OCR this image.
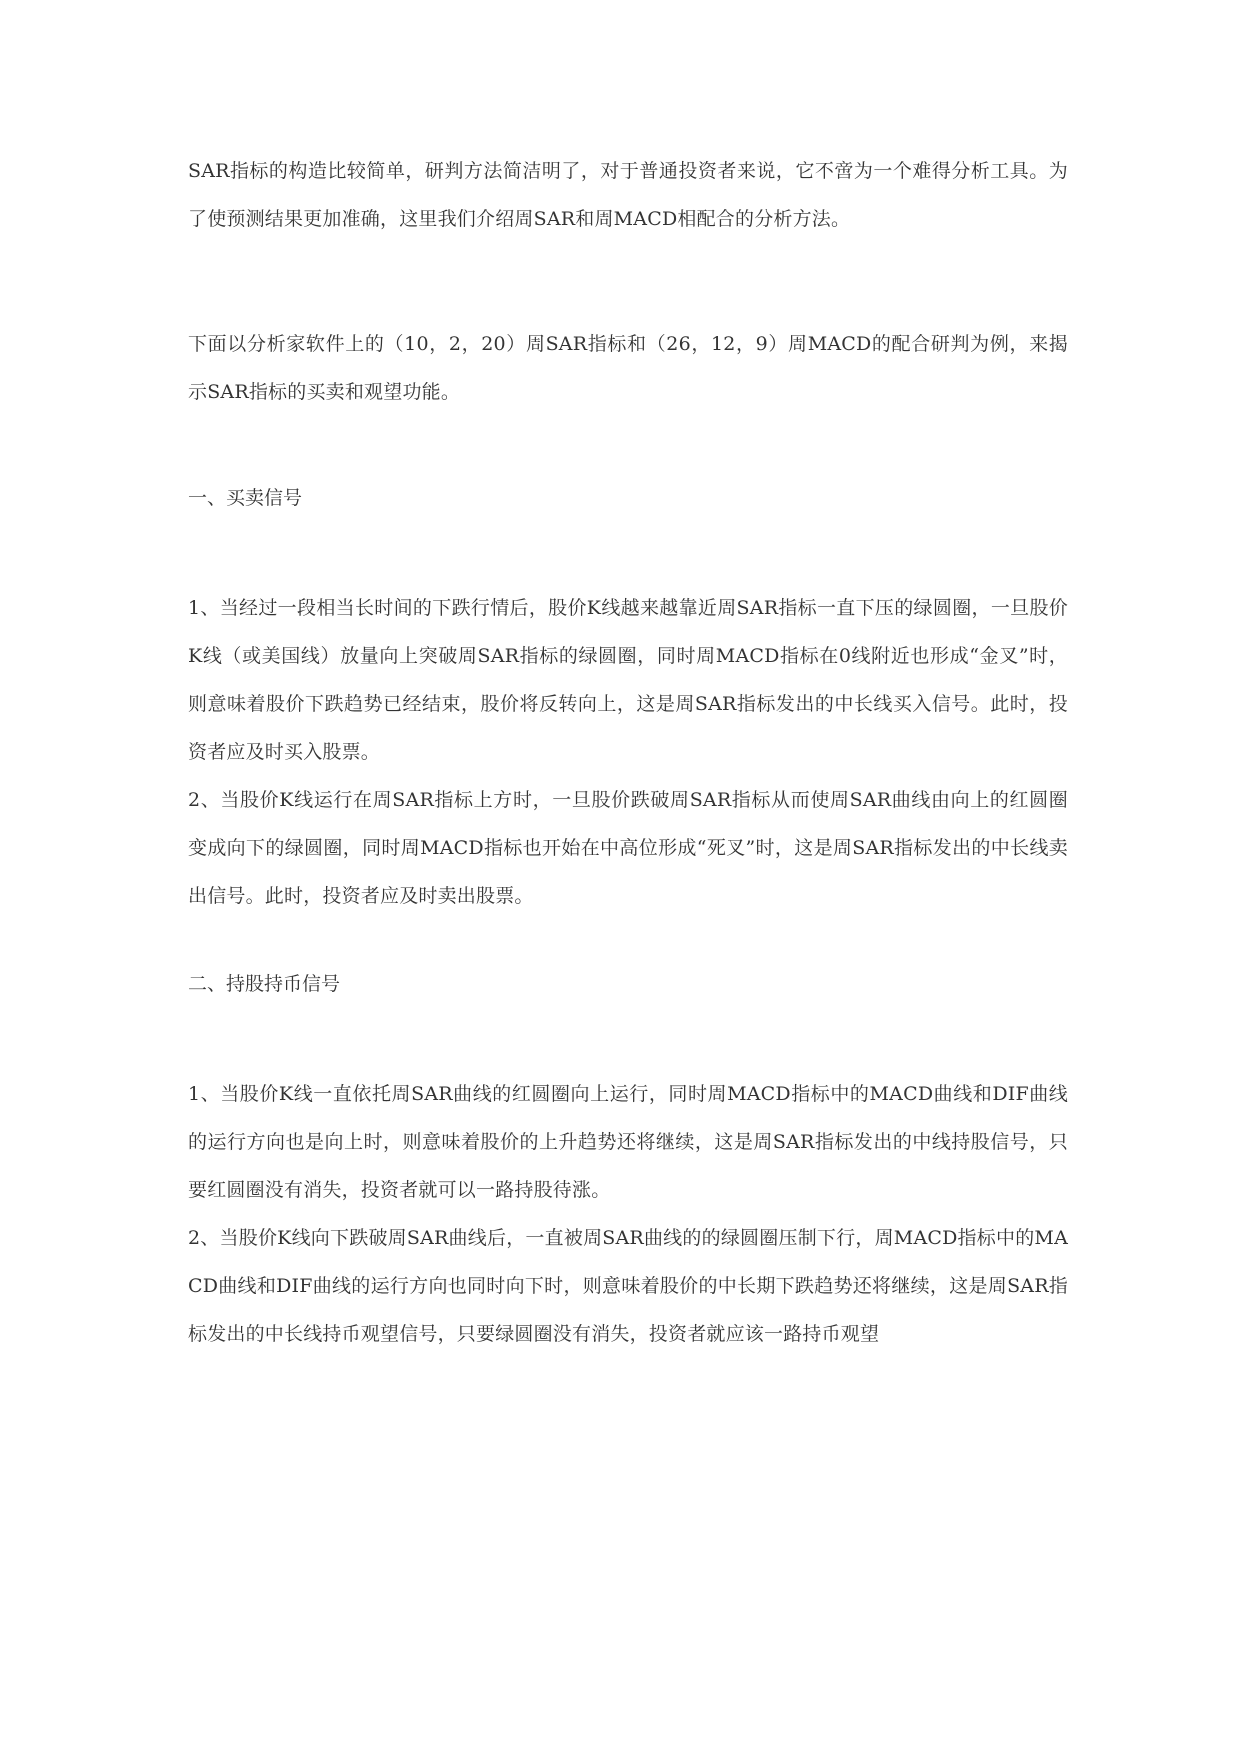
SAR指标的构造比较简单，研判方法简洁明了，对于普通投资者来说，它不啻为一个难得分析工具。为了使预测结果更加准确，这里我们介绍周SAR和周MACD相配合的分析方法。

下面以分析家软件上的（10，2，20）周SAR指标和（26，12，9）周MACD的配合研判为例，来揭示SAR指标的买卖和观望功能。

一、买卖信号

1、当经过一段相当长时间的下跌行情后，股价K线越来越靠近周SAR指标一直下压的绿圆圈，一旦股价K线（或美国线）放量向上突破周SAR指标的绿圆圈，同时周MACD指标在0线附近也形成“金叉”时，则意味着股价下跌趋势已经结束，股价将反转向上，这是周SAR指标发出的中长线买入信号。此时，投资者应及时买入股票。

2、当股价K线运行在周SAR指标上方时，一旦股价跌破周SAR指标从而使周SAR曲线由向上的红圆圈变成向下的绿圆圈，同时周MACD指标也开始在中高位形成“死叉”时，这是周SAR指标发出的中长线卖出信号。此时，投资者应及时卖出股票。

二、持股持币信号

1、当股价K线一直依托周SAR曲线的红圆圈向上运行，同时周MACD指标中的MACD曲线和DIF曲线的运行方向也是向上时，则意味着股价的上升趋势还将继续，这是周SAR指标发出的中线持股信号，只要红圆圈没有消失，投资者就可以一路持股待涨。

2、当股价K线向下跌破周SAR曲线后，一直被周SAR曲线的的绿圆圈压制下行，周MACD指标中的MACD曲线和DIF曲线的运行方向也同时向下时，则意味着股价的中长期下跌趋势还将继续，这是周SAR指标发出的中长线持币观望信号，只要绿圆圈没有消失，投资者就应该一路持币观望
